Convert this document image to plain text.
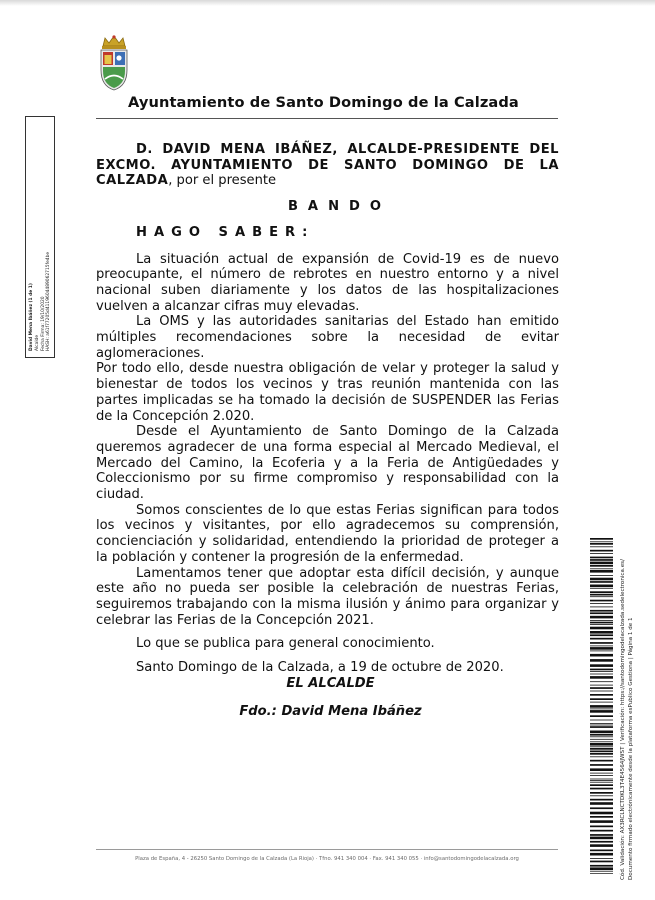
Ayuntamiento de Santo Domingo de la Calzada
David Mena Ibáñez (1 de 1) Alcalde Fecha Firma: 19/10/2020 HASH: a61f77205d4119604489062715fe4be

D. DAVID MENA IBÁÑEZ, ALCALDE-PRESIDENTE DEL EXCMO. AYUNTAMIENTO DE SANTO DOMINGO DE LA CALZADA, por el presente

BANDO

HAGO SABER:

La situación actual de expansión de Covid-19 es de nuevo preocupante, el número de rebrotes en nuestro entorno y a nivel nacional suben diariamente y los datos de las hospitalizaciones vuelven a alcanzar cifras muy elevadas.

La OMS y las autoridades sanitarias del Estado han emitido múltiples recomendaciones sobre la necesidad de evitar aglomeraciones.

Por todo ello, desde nuestra obligación de velar y proteger la salud y bienestar de todos los vecinos y tras reunión mantenida con las partes implicadas se ha tomado la decisión de SUSPENDER las Ferias de la Concepción 2.020.

Desde el Ayuntamiento de Santo Domingo de la Calzada queremos agradecer de una forma especial al Mercado Medieval, el Mercado del Camino, la Ecoferia y a la Feria de Antigüedades y Coleccionismo por su firme compromiso y responsabilidad con la ciudad.

Somos conscientes de lo que estas Ferias significan para todos los vecinos y visitantes, por ello agradecemos su comprensión, concienciación y solidaridad, entendiendo la prioridad de proteger a la población y contener la progresión de la enfermedad.

Lamentamos tener que adoptar esta difícil decisión, y aunque este año no pueda ser posible la celebración de nuestras Ferias, seguiremos trabajando con la misma ilusión y ánimo para organizar y celebrar las Ferias de la Concepción 2021.

Lo que se publica para general conocimiento.

Santo Domingo de la Calzada, a 19 de octubre de 2020.

EL ALCALDE

Fdo.: David Mena Ibáñez

Plaza de España, 4 - 26250 Santo Domingo de la Calzada (La Rioja) · Tfno. 941 340 004 · Fax. 941 340 055 · info@santodomingodelacalzada.org	Cód. Validación: AX3RCLNCTDKL3T4E4564JWST | Verificación: https://santodomingodelacalzada.sedelectronica.es/ Documento firmado electrónicamente desde la plataforma esPublico Gestiona | Página 1 de 1
